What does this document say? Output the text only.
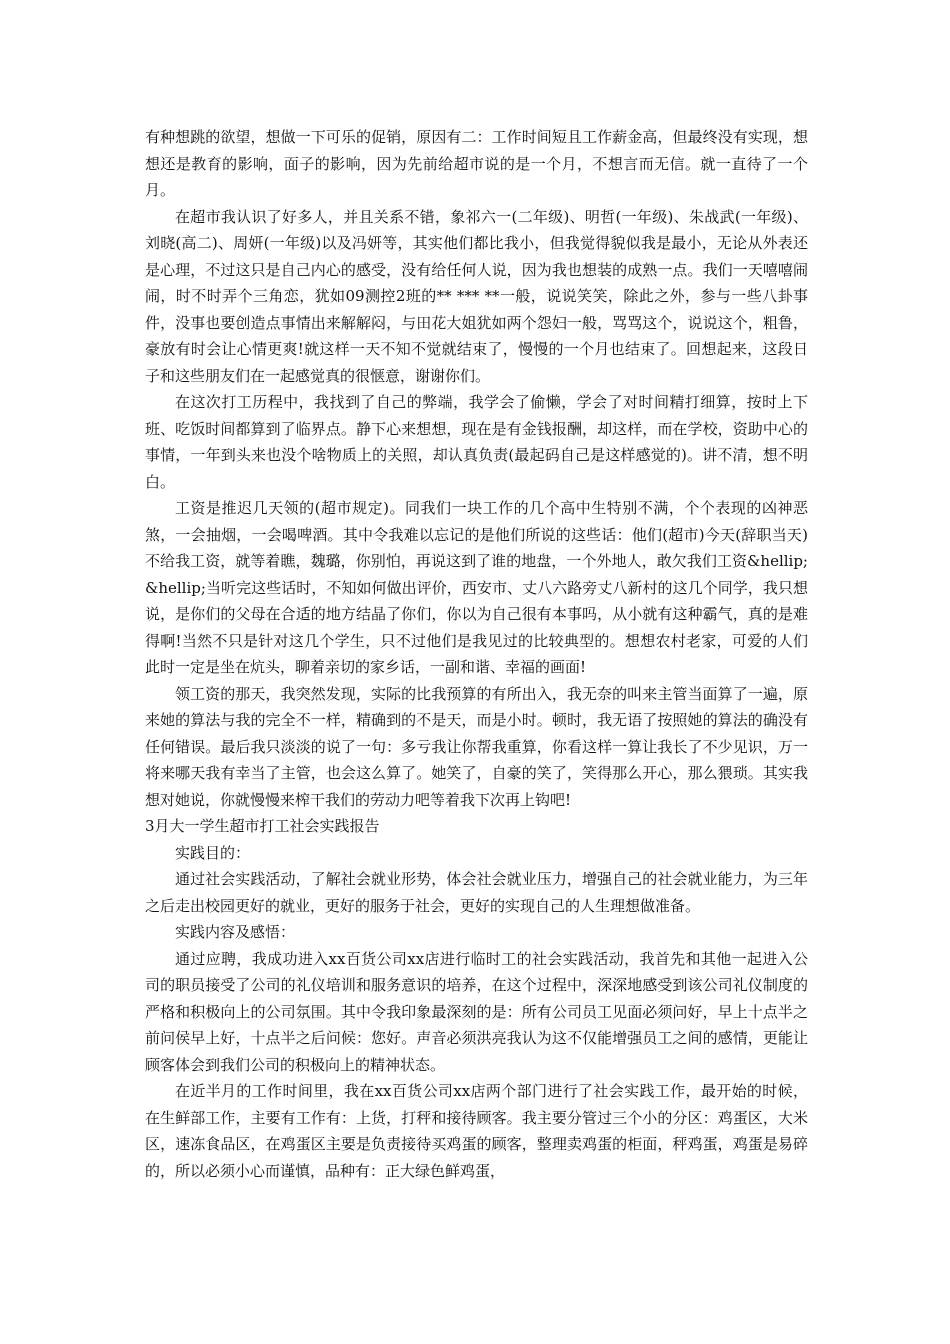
有种想跳的欲望，想做一下可乐的促销，原因有二：工作时间短且工作薪金高，但最终没有实现，想想还是教育的影响，面子的影响，因为先前给超市说的是一个月，不想言而无信。就一直待了一个月。

在超市我认识了好多人，并且关系不错，象祁六一(二年级)、明哲(一年级)、朱战武(一年级)、刘晓(高二)、周妍(一年级)以及冯妍等，其实他们都比我小，但我觉得貌似我是最小，无论从外表还是心理，不过这只是自己内心的感受，没有给任何人说，因为我也想装的成熟一点。我们一天嘻嘻闹闹，时不时弄个三角恋，犹如09测控2班的** *** **一般，说说笑笑，除此之外，参与一些八卦事件，没事也要创造点事情出来解解闷，与田花大姐犹如两个怨妇一般，骂骂这个，说说这个，粗鲁，豪放有时会让心情更爽!就这样一天不知不觉就结束了，慢慢的一个月也结束了。回想起来，这段日子和这些朋友们在一起感觉真的很惬意，谢谢你们。

在这次打工历程中，我找到了自己的弊端，我学会了偷懒，学会了对时间精打细算，按时上下班、吃饭时间都算到了临界点。静下心来想想，现在是有金钱报酬，却这样，而在学校，资助中心的事情，一年到头来也没个啥物质上的关照，却认真负责(最起码自己是这样感觉的)。讲不清，想不明白。

工资是推迟几天领的(超市规定)。同我们一块工作的几个高中生特别不满，个个表现的凶神恶煞，一会抽烟，一会喝啤酒。其中令我难以忘记的是他们所说的这些话：他们(超市)今天(辞职当天)不给我工资，就等着瞧，魏璐，你别怕，再说这到了谁的地盘，一个外地人，敢欠我们工资&hellip;&hellip;当听完这些话时，不知如何做出评价，西安市、丈八六路旁丈八新村的这几个同学，我只想说，是你们的父母在合适的地方结晶了你们，你以为自己很有本事吗，从小就有这种霸气，真的是难得啊!当然不只是针对这几个学生，只不过他们是我见过的比较典型的。想想农村老家，可爱的人们此时一定是坐在炕头，聊着亲切的家乡话，一副和谐、幸福的画面!

领工资的那天，我突然发现，实际的比我预算的有所出入，我无奈的叫来主管当面算了一遍，原来她的算法与我的完全不一样，精确到的不是天，而是小时。顿时，我无语了按照她的算法的确没有任何错误。最后我只淡淡的说了一句：多亏我让你帮我重算，你看这样一算让我长了不少见识，万一将来哪天我有幸当了主管，也会这么算了。她笑了，自豪的笑了，笑得那么开心，那么猥琐。其实我想对她说，你就慢慢来榨干我们的劳动力吧等着我下次再上钩吧!

3月大一学生超市打工社会实践报告

实践目的：

通过社会实践活动，了解社会就业形势，体会社会就业压力，增强自己的社会就业能力，为三年之后走出校园更好的就业，更好的服务于社会，更好的实现自己的人生理想做准备。

实践内容及感悟：

通过应聘，我成功进入xx百货公司xx店进行临时工的社会实践活动，我首先和其他一起进入公司的职员接受了公司的礼仪培训和服务意识的培养，在这个过程中，深深地感受到该公司礼仪制度的严格和积极向上的公司氛围。其中令我印象最深刻的是：所有公司员工见面必须问好，早上十点半之前问侯早上好，十点半之后问候：您好。声音必须洪亮我认为这不仅能增强员工之间的感情，更能让顾客体会到我们公司的积极向上的精神状态。

在近半月的工作时间里，我在xx百货公司xx店两个部门进行了社会实践工作，最开始的时候，在生鲜部工作，主要有工作有：上货，打秤和接待顾客。我主要分管过三个小的分区：鸡蛋区，大米区，速冻食品区，在鸡蛋区主要是负责接待买鸡蛋的顾客，整理卖鸡蛋的柜面，秤鸡蛋，鸡蛋是易碎的，所以必须小心而谨慎，品种有：正大绿色鲜鸡蛋，
